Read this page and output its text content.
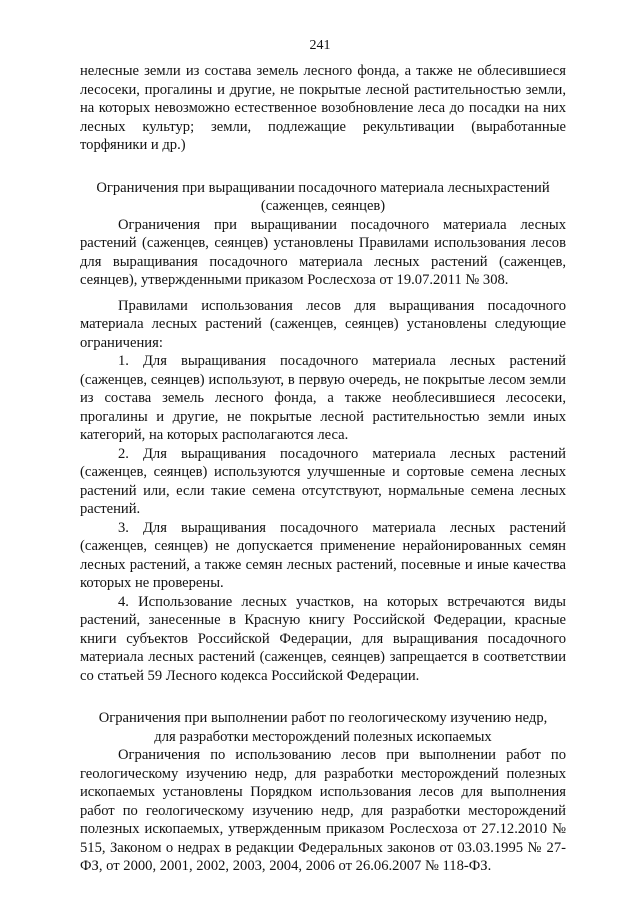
241

нелесные земли из состава земель лесного фонда, а также не облесившиеся лесосеки, прогалины и другие, не покрытые лесной растительностью земли, на которых невозможно естественное возобновление леса до посадки на них лесных культур; земли, подлежащие рекультивации (выработанные торфяники и др.)

Ограничения при выращивании посадочного материала лесныхрастений

(саженцев, сеянцев)

Ограничения при выращивании посадочного материала лесных растений (саженцев, сеянцев) установлены Правилами использования лесов для выращивания посадочного материала лесных растений (саженцев, сеянцев), утвержденными приказом Рослесхоза от 19.07.2011 № 308.

Правилами использования лесов для выращивания посадочного материала лесных растений (саженцев, сеянцев) установлены следующие ограничения:

1. Для выращивания посадочного материала лесных растений (саженцев, сеянцев) используют, в первую очередь, не покрытые лесом земли из состава земель лесного фонда, а также необлесившиеся лесосеки, прогалины и другие, не покрытые лесной растительностью земли иных категорий, на которых располагаются леса.

2. Для выращивания посадочного материала лесных растений (саженцев, сеянцев) используются улучшенные и сортовые семена лесных растений или, если такие семена отсутствуют, нормальные семена лесных растений.

3. Для выращивания посадочного материала лесных растений (саженцев, сеянцев) не допускается применение нерайонированных семян лесных растений, а также семян лесных растений, посевные и иные качества которых не проверены.

4. Использование лесных участков, на которых встречаются виды растений, занесенные в Красную книгу Российской Федерации, красные книги субъектов Российской Федерации, для выращивания посадочного материала лесных растений (саженцев, сеянцев) запрещается в соответствии со статьей 59 Лесного кодекса Российской Федерации.

Ограничения при выполнении работ по геологическому изучению недр,

для разработки месторождений полезных ископаемых

Ограничения по использованию лесов при выполнении работ по геологическому изучению недр, для разработки месторождений полезных ископаемых установлены Порядком использования лесов для выполнения работ по геологическому изучению недр, для разработки месторождений полезных ископаемых, утвержденным приказом Рослесхоза от 27.12.2010 № 515, Законом о недрах в редакции Федеральных законов от 03.03.1995 № 27-ФЗ, от 2000, 2001, 2002, 2003, 2004, 2006 от 26.06.2007 № 118-ФЗ.
